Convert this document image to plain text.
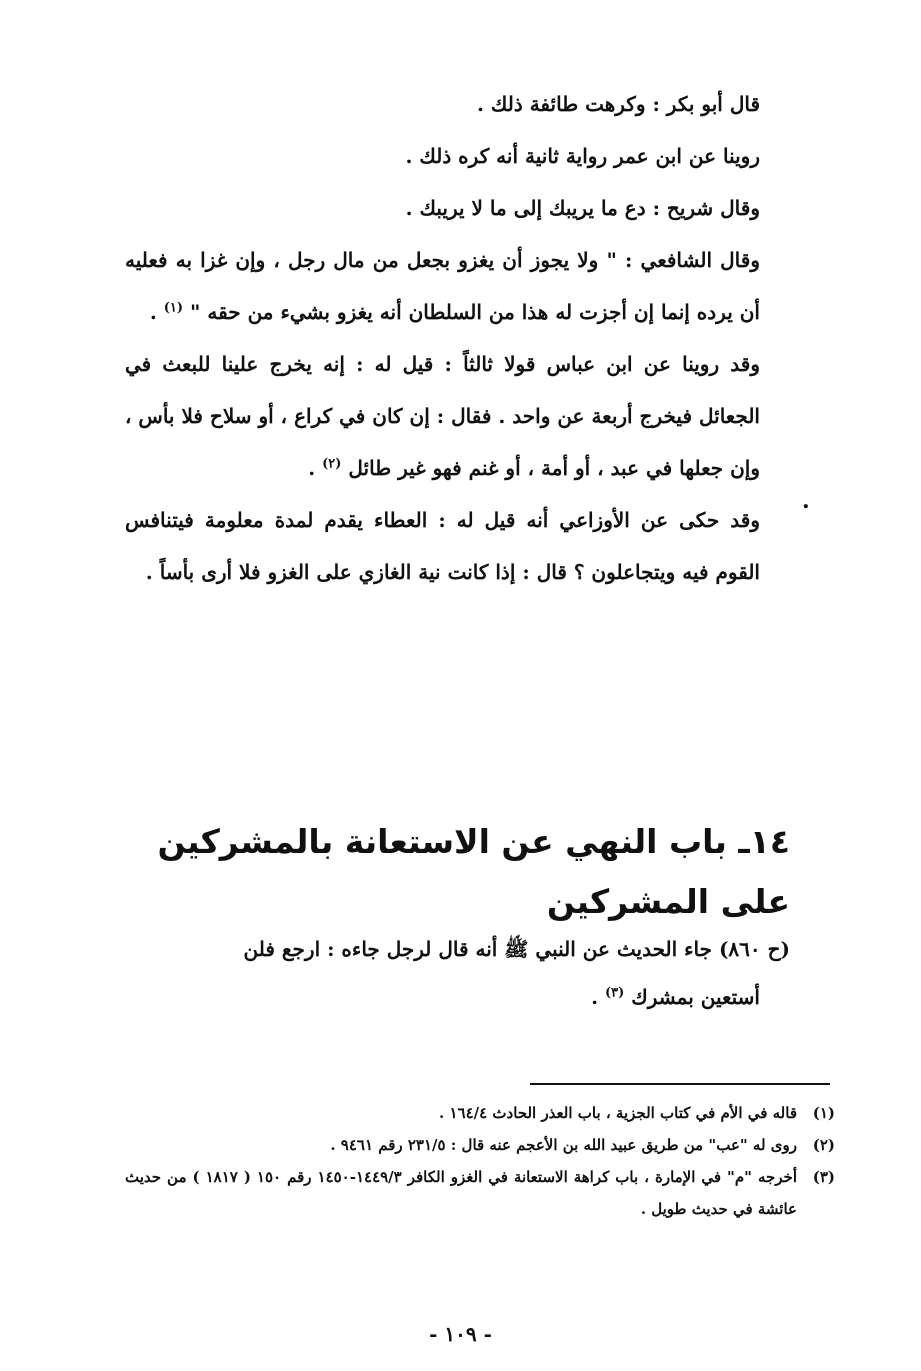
قال أبو بكر : وكرهت طائفة ذلك .

روينا عن ابن عمر رواية ثانية أنه كره ذلك .

وقال شريح : دع ما يريبك إلى ما لا يريبك .

وقال الشافعي : " ولا يجوز أن يغزو بجعل من مال رجل ، وإن غزا به فعليه أن يرده إنما إن أجزت له هذا من السلطان أنه يغزو بشيء من حقه " $^{(١)}$ .

وقد روينا عن ابن عباس قولا ثالثاً : قيل له : إنه يخرج علينا للبعث في الجعائل فيخرج أربعة عن واحد . فقال : إن كان في كراع ، أو سلاح فلا بأس ، وإن جعلها في عبد ، أو أمة ، أو غنم فهو غير طائل $^{(٢)}$ .

وقد حكى عن الأوزاعي أنه قيل له : العطاء يقدم لمدة معلومة فيتنافس القوم فيه ويتجاعلون ؟ قال : إذا كانت نية الغازي على الغزو فلا أرى بأساً .

.
١٤ـ باب النهي عن الاستعانة بالمشركين على المشركين

(ح ٨٦٠) جاء الحديث عن النبي ﷺ أنه قال لرجل جاءه : ارجع فلن

أستعين بمشرك $^{(٣)}$ .

(١)
قاله في الأم في كتاب الجزية ، باب العذر الحادث ١٦٤/٤ .
(٢)
روى له "عب" من طريق عبيد الله بن الأعجم عنه قال : ٢٣١/٥ رقم ٩٤٦١ .
(٣)
أخرجه "م" في الإمارة ، باب كراهة الاستعانة في الغزو الكافر ١٤٤٩/٣-١٤٥٠ رقم ١٥٠ ( ١٨١٧ ) من حديث عائشة في حديث طويل .
- ١٠٩ -
